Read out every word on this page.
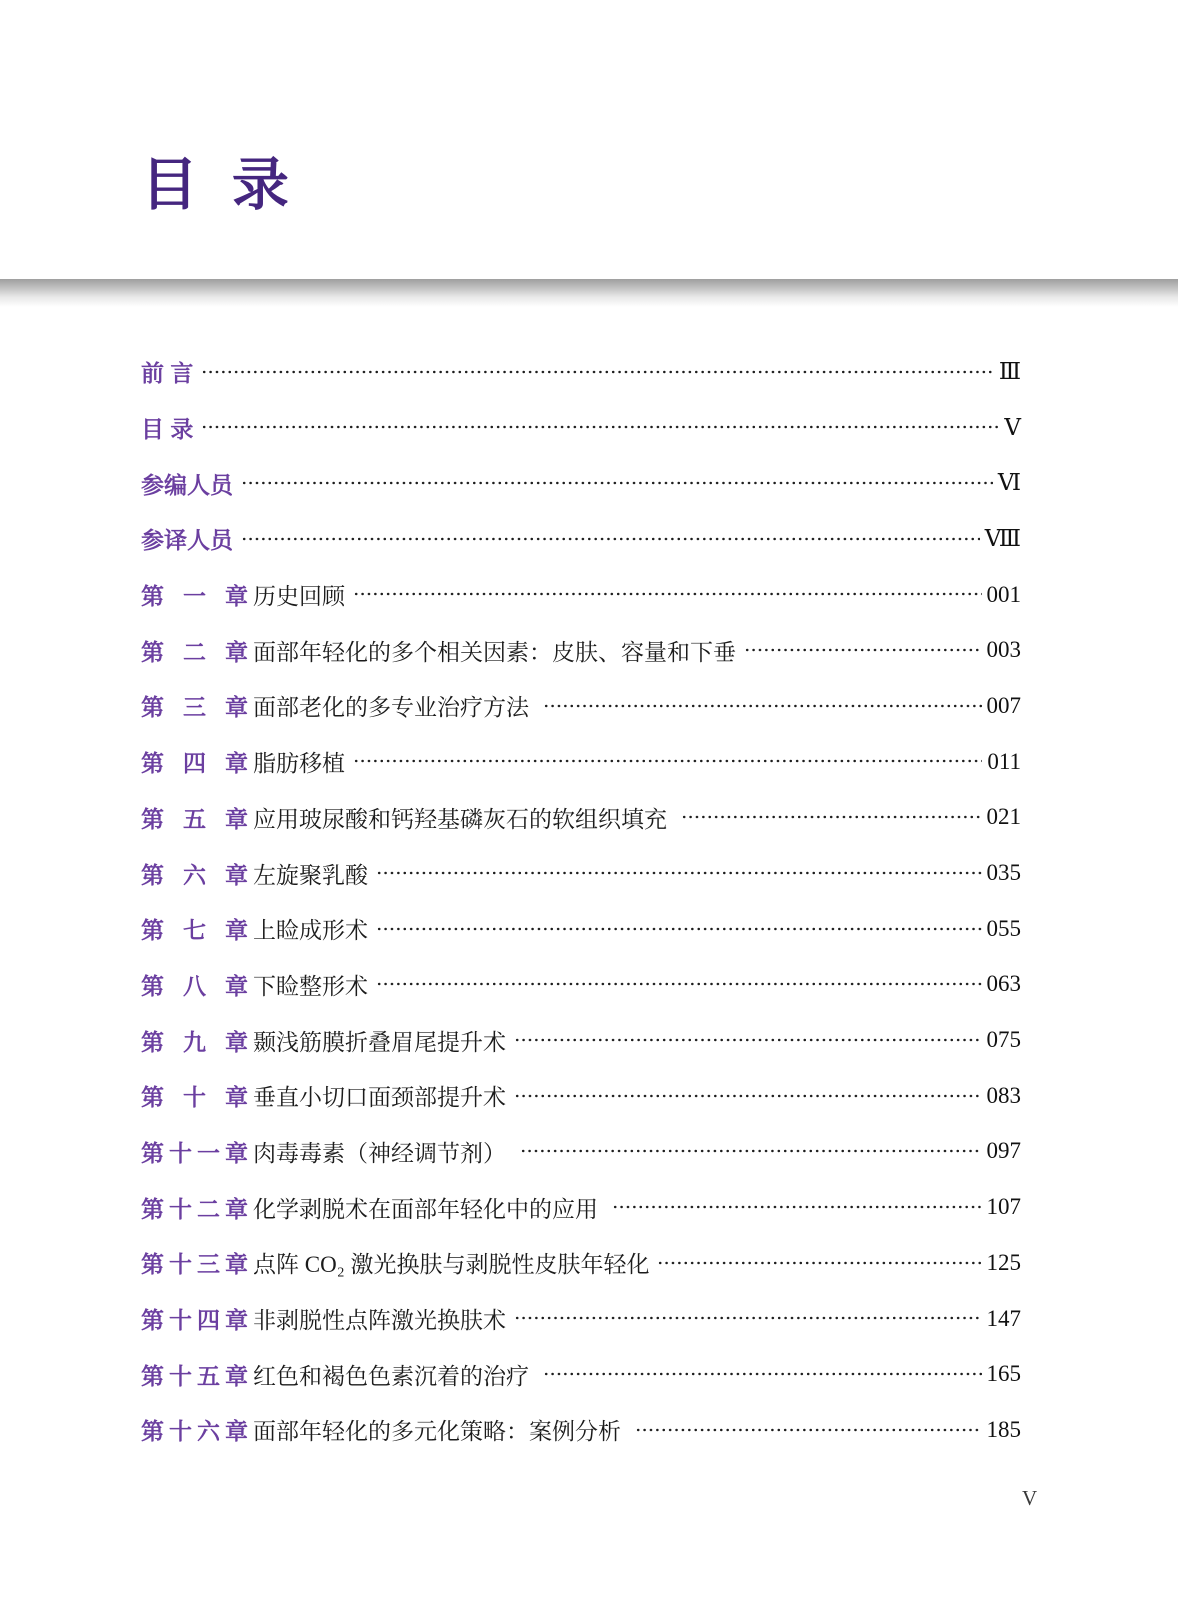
目 录
前 言	Ⅲ
目 录	Ⅴ
参编人员	Ⅵ
参译人员	Ⅷ
第 一 章 历史回顾	001
第 二 章 面部年轻化的多个相关因素：皮肤、容量和下垂	003
第 三 章 面部老化的多专业治疗方法	007
第 四 章 脂肪移植	011
第 五 章 应用玻尿酸和钙羟基磷灰石的软组织填充	021
第 六 章 左旋聚乳酸	035
第 七 章 上睑成形术	055
第 八 章 下睑整形术	063
第 九 章 颞浅筋膜折叠眉尾提升术	075
第 十 章 垂直小切口面颈部提升术	083
第十一章 肉毒毒素（神经调节剂）	097
第十二章 化学剥脱术在面部年轻化中的应用	107
第十三章 点阵 CO₂ 激光换肤与剥脱性皮肤年轻化	125
第十四章 非剥脱性点阵激光换肤术	147
第十五章 红色和褐色色素沉着的治疗	165
第十六章 面部年轻化的多元化策略：案例分析	185
V
